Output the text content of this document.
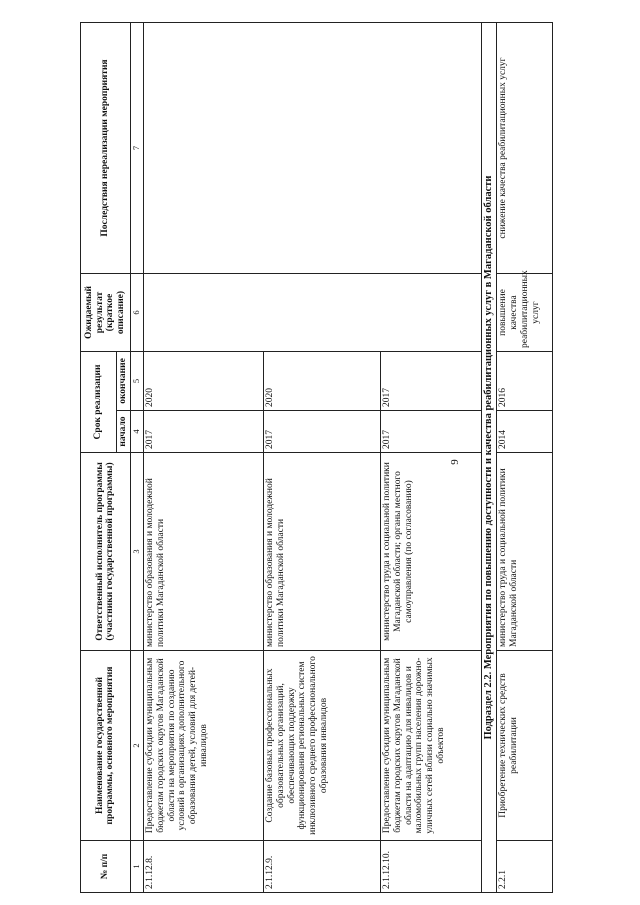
9
№ п/п	Наименование государственной программы, основного мероприятия	Ответственный исполнитель программы (участники государственной программы)	Срок реализации		Ожидаемый результат (краткое описание)	Последствия нереализации мероприятия
			начало	окончание		
1	2	3	4	5	6	7
2.1.12.8.	Предоставление субсидии муниципальным бюджетам городских округов Магаданской области на мероприятия по созданию условий в организациях дополнительного образования детей, условий для детей-инвалидов	министерство образования и молодежной политики Магаданской области	2017	2020		
2.1.12.9.	Создание базовых профессиональных образовательных организаций, обеспечивающих поддержку функционирования региональных систем инклюзивного среднего профессионального образования инвалидов	министерство образования и молодежной политики Магаданской области	2017	2020		
2.1.12.10.	Предоставление субсидии муниципальным бюджетам городских округов Магаданской области на адаптацию для инвалидов и маломобильных групп населения дорожно-уличных сетей вблизи социально значимых объектов	министерство труда и социальной политики Магаданской области; органы местного самоуправления (по согласованию)	2017	2017		
Подраздел 2.2. Мероприятия по повышению доступности и качества реабилитационных услуг в Магаданской области						
2.2.1	Приобретение технических средств реабилитации	министерство труда и социальной политики Магаданской области	2014	2016	повышение качества реабилитационных услуг	снижение качества реабилитационных услуг
